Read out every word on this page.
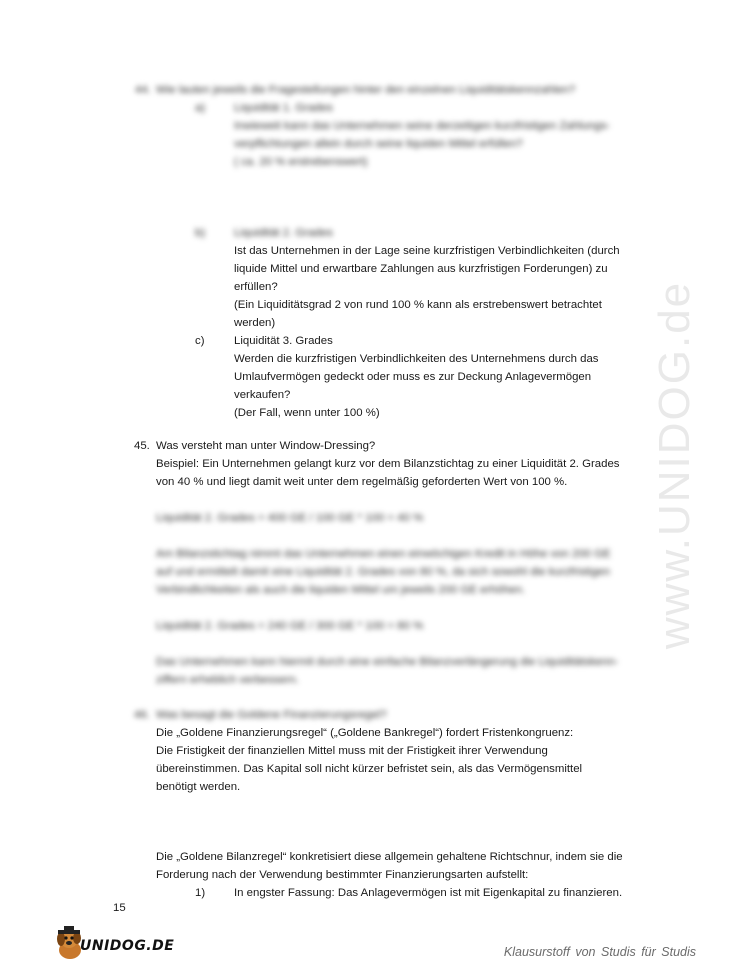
www.UNIDOG.de
44. Wie lauten jeweils die Fragestellungen hinter den einzelnen Liquiditätskennzahlen?
a)	Liquidität 1. Grades
Inwieweit kann das Unternehmen seine derzeitigen kurzfristigen Zahlungs-
verpflichtungen allein durch seine liquiden Mittel erfüllen?
( ca. 20 % erstrebenswert)
b)	Liquidität 2. Grades
Ist das Unternehmen in der Lage seine kurzfristigen Verbindlichkeiten (durch
liquide Mittel und erwartbare Zahlungen aus kurzfristigen Forderungen) zu
erfüllen?
(Ein Liquiditätsgrad 2 von rund 100 % kann als erstrebenswert betrachtet
werden)
c)	Liquidität 3. Grades
Werden die kurzfristigen Verbindlichkeiten des Unternehmens durch das
Umlaufvermögen gedeckt oder muss es zur Deckung Anlagevermögen
verkaufen?
(Der Fall, wenn unter 100 %)
45. Was versteht man unter Window-Dressing?
Beispiel: Ein Unternehmen gelangt kurz vor dem Bilanzstichtag zu einer Liquidität 2. Grades
von 40 % und liegt damit weit unter dem regelmäßig geforderten Wert von 100 %.
Liquidität 2. Grades = 400 GE / 100 GE * 100 = 40 %
Am Bilanzstichtag nimmt das Unternehmen einen einwöchigen Kredit in Höhe von 200 GE
auf und ermittelt damit eine Liquidität 2. Grades von 80 %, da sich sowohl die kurzfristigen
Verbindlichkeiten als auch die liquiden Mittel um jeweils 200 GE erhöhen.
Liquidität 2. Grades = 240 GE / 300 GE * 100 = 80 %
Das Unternehmen kann hiermit durch eine einfache Bilanzverlängerung die Liquiditätskenn-
ziffern erheblich verbessern.
46. Was besagt die Goldene Finanzierungsregel?
Die „Goldene Finanzierungsregel“ („Goldene Bankregel“) fordert Fristenkongruenz:
Die Fristigkeit der finanziellen Mittel muss mit der Fristigkeit ihrer Verwendung
übereinstimmen. Das Kapital soll nicht kürzer befristet sein, als das Vermögensmittel
benötigt werden.
Die „Goldene Bilanzregel“ konkretisiert diese allgemein gehaltene Richtschnur, indem sie die
Forderung nach der Verwendung bestimmter Finanzierungsarten aufstellt:
1)	In engster Fassung: Das Anlagevermögen ist mit Eigenkapital zu finanzieren.
15
UNIDOG.DE	Klausurstoff von Studis für Studis
